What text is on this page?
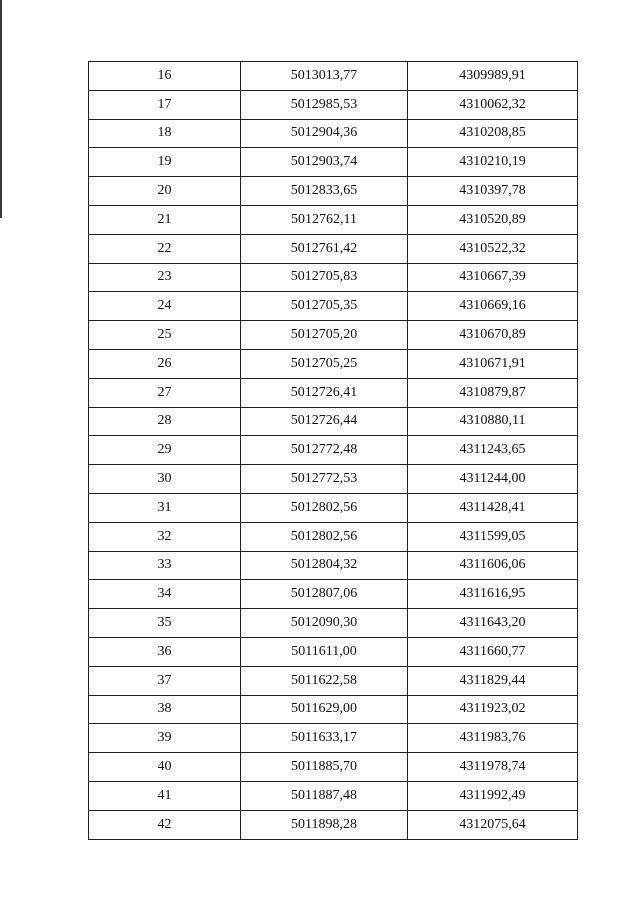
16	5013013,77	4309989,91
17	5012985,53	4310062,32
18	5012904,36	4310208,85
19	5012903,74	4310210,19
20	5012833,65	4310397,78
21	5012762,11	4310520,89
22	5012761,42	4310522,32
23	5012705,83	4310667,39
24	5012705,35	4310669,16
25	5012705,20	4310670,89
26	5012705,25	4310671,91
27	5012726,41	4310879,87
28	5012726,44	4310880,11
29	5012772,48	4311243,65
30	5012772,53	4311244,00
31	5012802,56	4311428,41
32	5012802,56	4311599,05
33	5012804,32	4311606,06
34	5012807,06	4311616,95
35	5012090,30	4311643,20
36	5011611,00	4311660,77
37	5011622,58	4311829,44
38	5011629,00	4311923,02
39	5011633,17	4311983,76
40	5011885,70	4311978,74
41	5011887,48	4311992,49
42	5011898,28	4312075,64
